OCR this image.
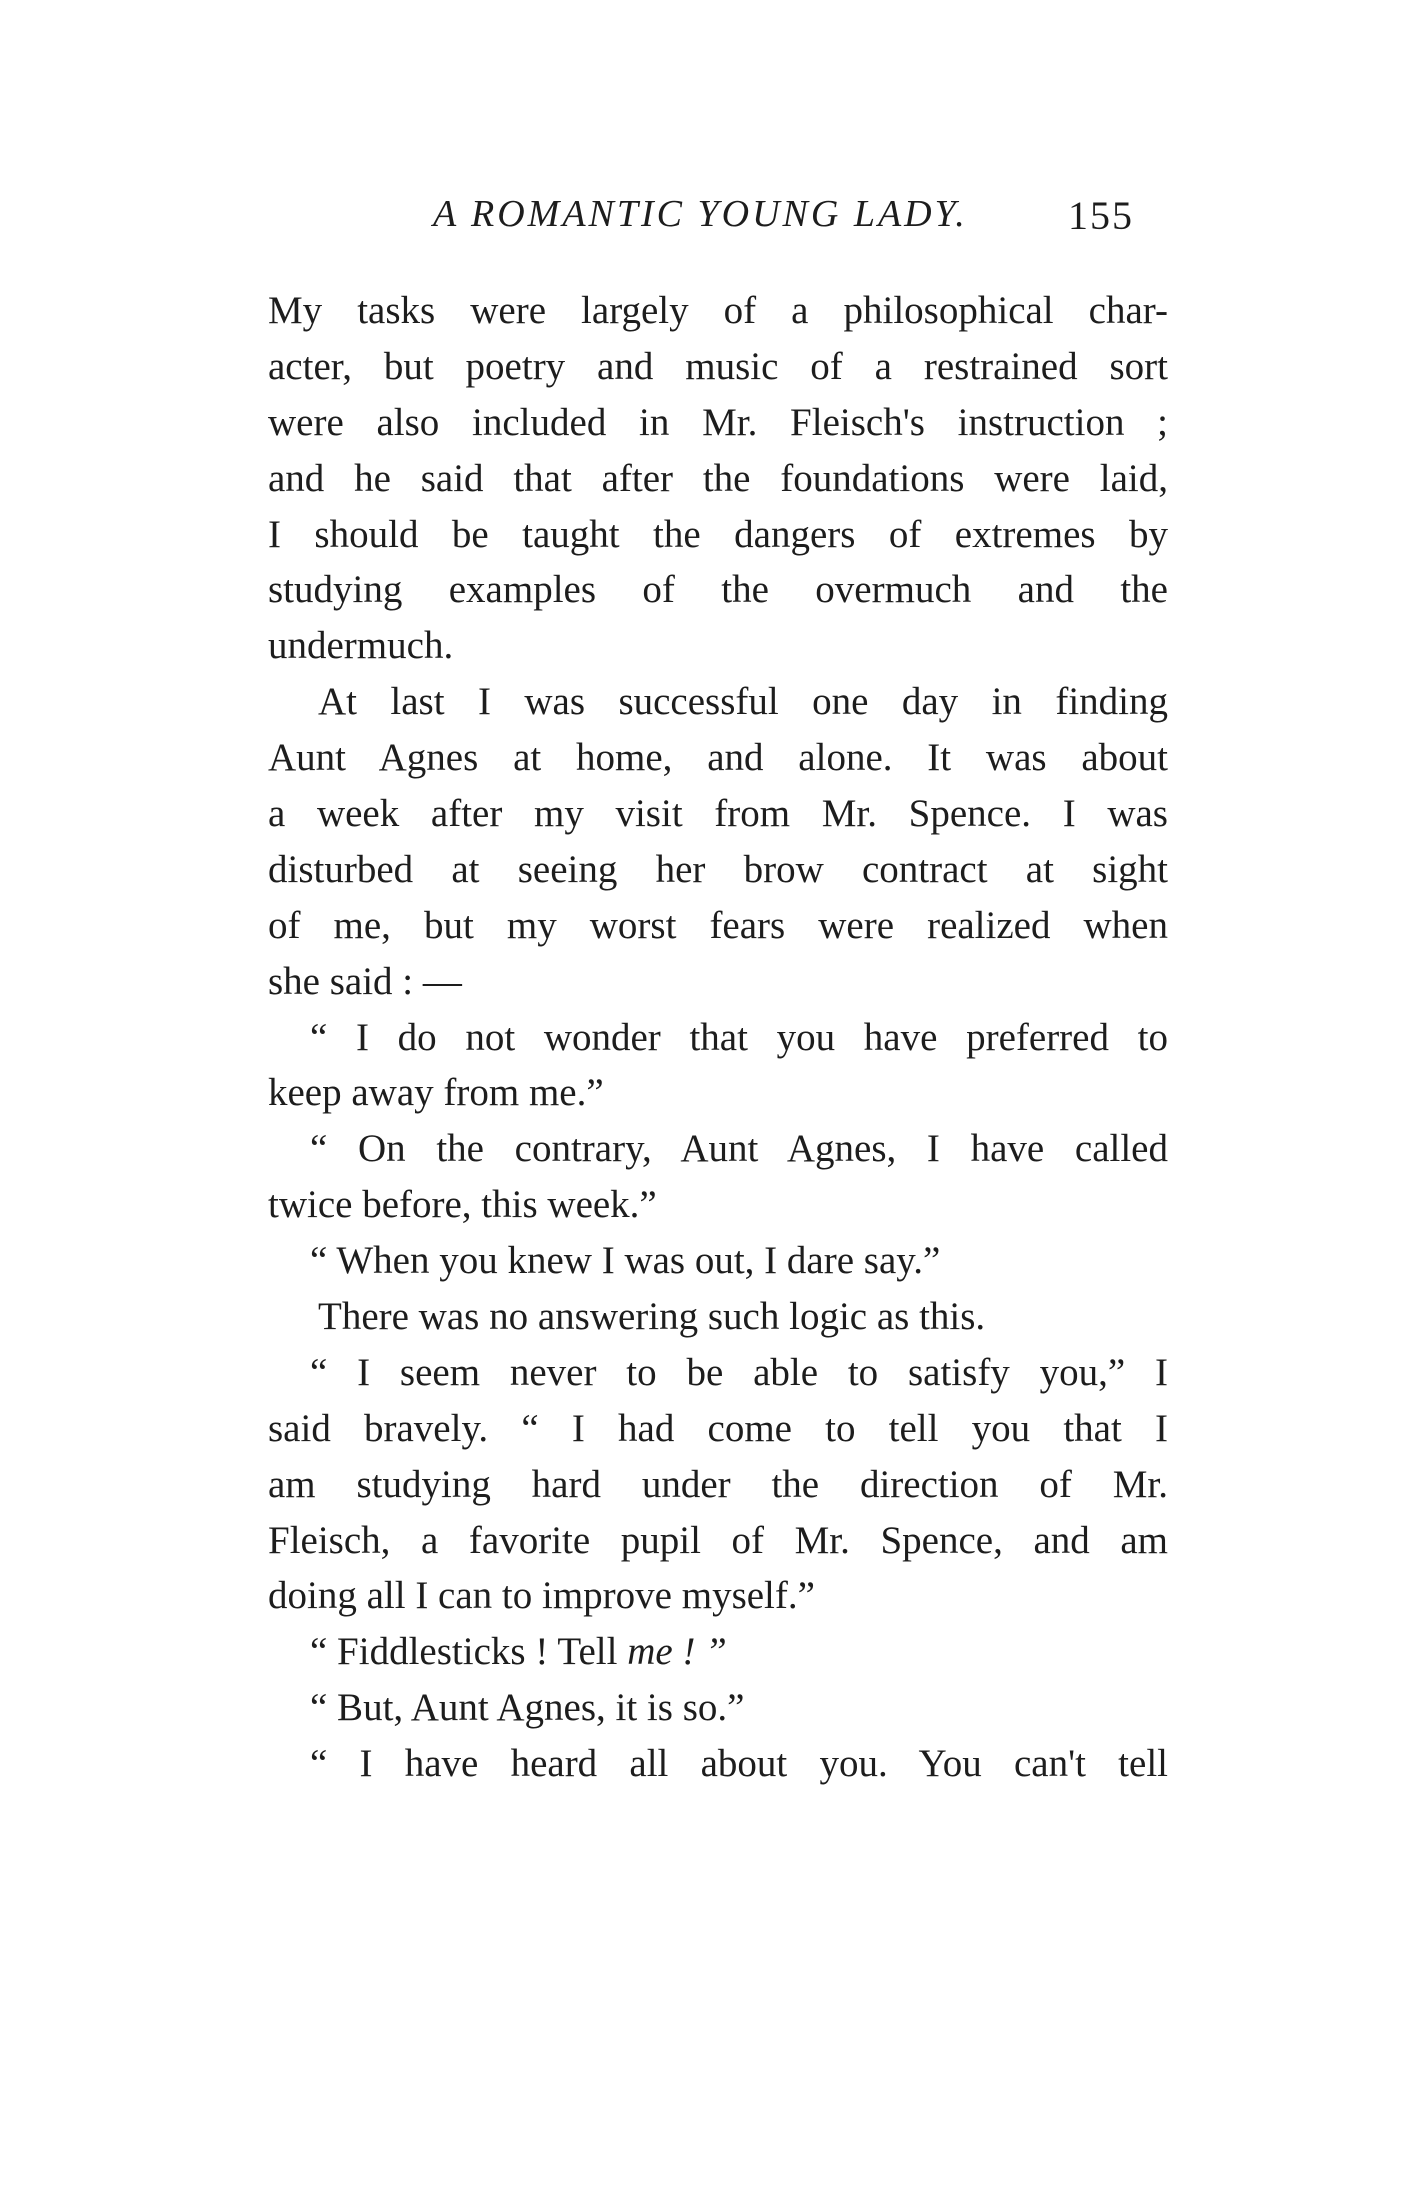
A ROMANTIC YOUNG LADY.	155
My tasks were largely of a philosophical char-
acter, but poetry and music of a restrained sort
were also included in Mr. Fleisch's instruction ;
and he said that after the foundations were laid,
I should be taught the dangers of extremes by
studying examples of the overmuch and the
undermuch.
At last I was successful one day in finding
Aunt Agnes at home, and alone. It was about
a week after my visit from Mr. Spence. I was
disturbed at seeing her brow contract at sight
of me, but my worst fears were realized when
she said : —
“ I do not wonder that you have preferred to
keep away from me.”
“ On the contrary, Aunt Agnes, I have called
twice before, this week.”
“ When you knew I was out, I dare say.”
There was no answering such logic as this.
“ I seem never to be able to satisfy you,” I
said bravely. “ I had come to tell you that I
am studying hard under the direction of Mr.
Fleisch, a favorite pupil of Mr. Spence, and am
doing all I can to improve myself.”
“ Fiddlesticks ! Tell me ! ”
“ But, Aunt Agnes, it is so.”
“ I have heard all about you. You can't tell
